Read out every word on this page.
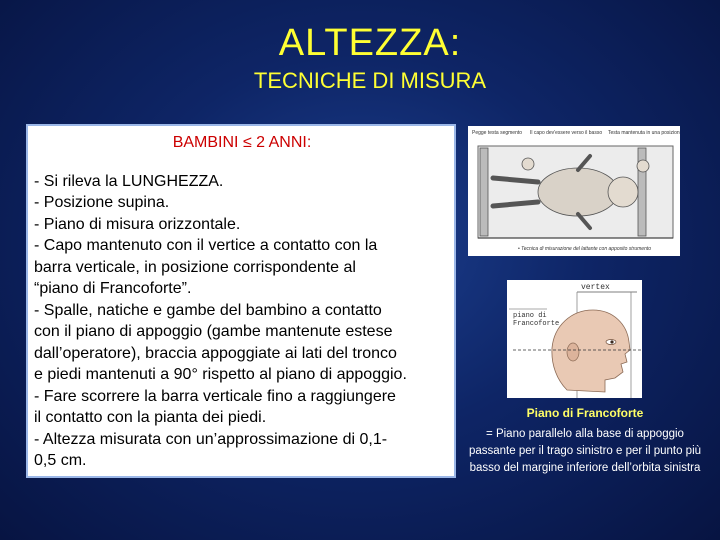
ALTEZZA:
TECNICHE DI MISURA
BAMBINI ≤ 2 ANNI:
- Si rileva la LUNGHEZZA.
- Posizione supina.
- Piano di misura orizzontale.
- Capo mantenuto con il vertice a contatto con la
barra verticale, in posizione corrispondente al
“piano di Francoforte”.
- Spalle, natiche e gambe del bambino a contatto
con il piano di appoggio (gambe mantenute estese
dall’operatore), braccia appoggiate ai lati del tronco
e piedi mantenuti a 90° rispetto al piano di appoggio.
- Fare scorrere la barra verticale fino a raggiungere
il contatto con la pianta dei piedi.
- Altezza misurata con un’approssimazione di 0,1-
0,5 cm.
Pegge testa segmento Il capo dev'essere verso il basso Testa mantenuta in una posizione
• Tecnica di misurazione del lattante con apposito strumento
vertex
piano di
Francoforte
Piano di Francoforte
= Piano parallelo alla base di appoggio passante per il trago sinistro e per il punto più basso del margine inferiore dell’orbita sinistra
